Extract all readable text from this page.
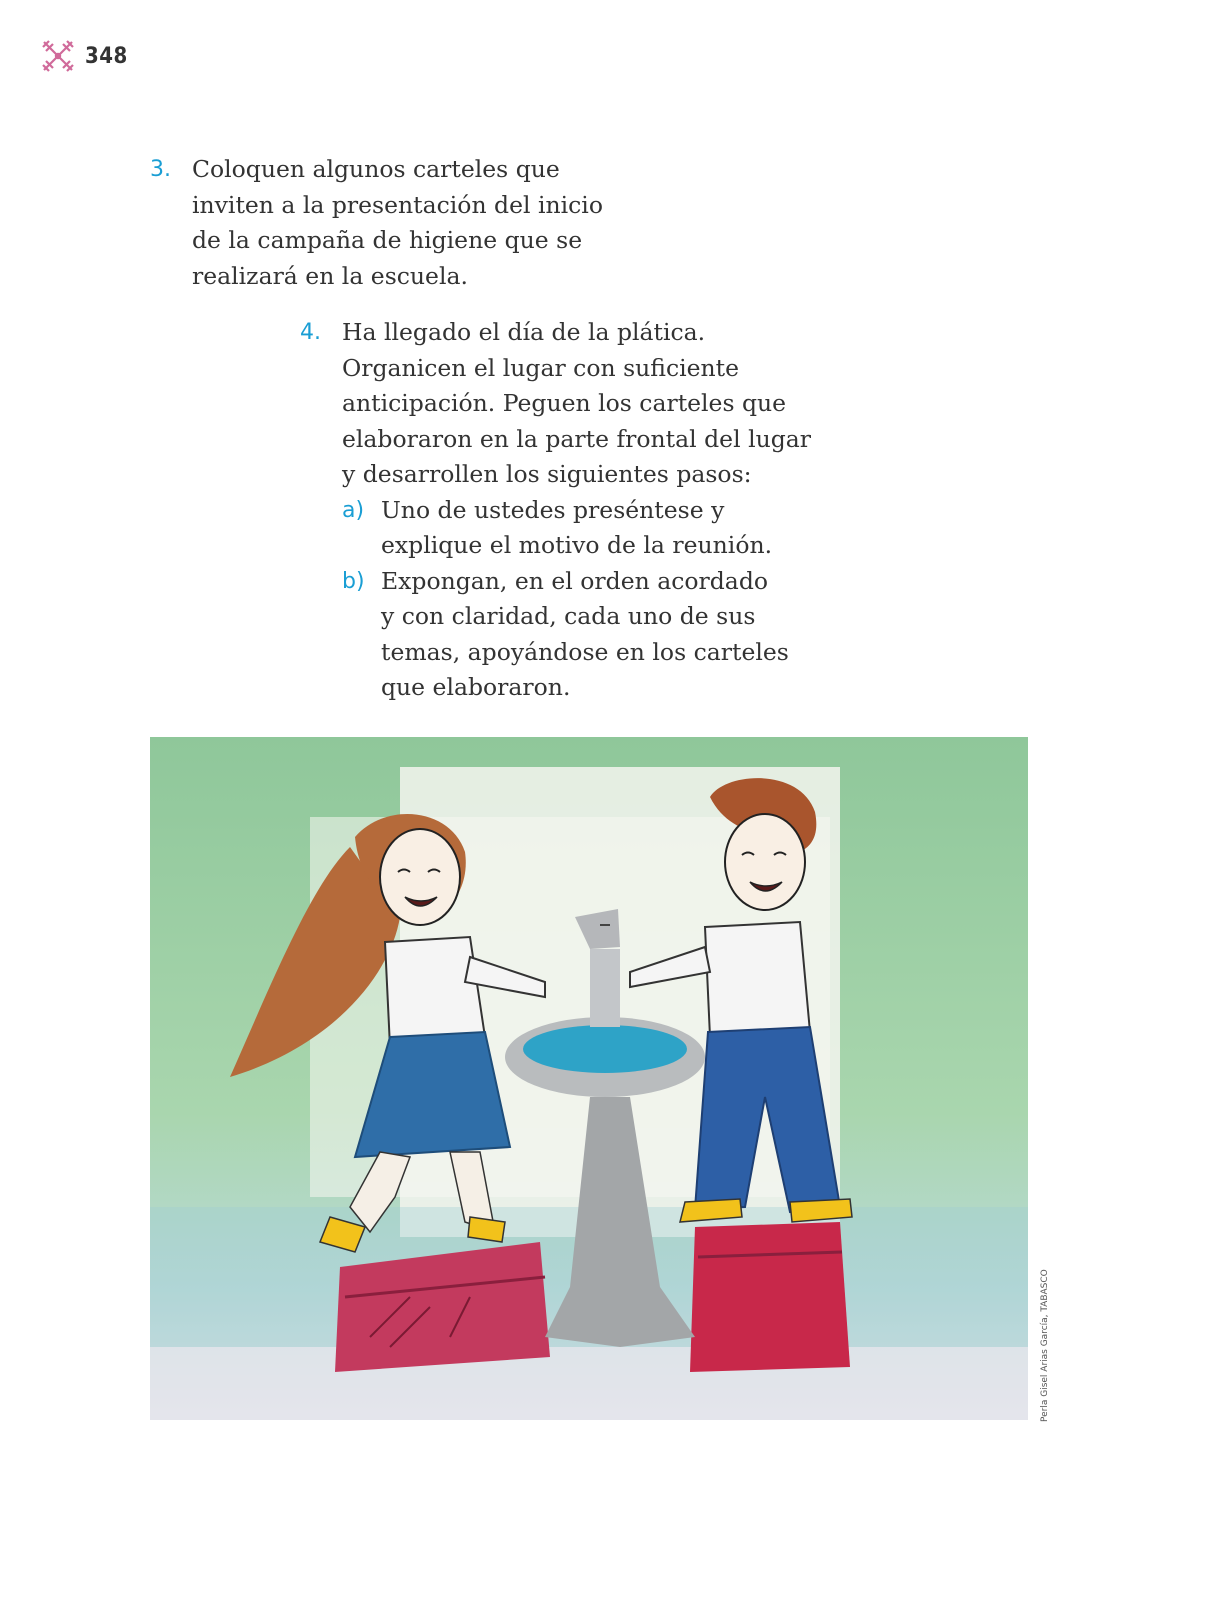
348
3. Coloquen algunos carteles que
inviten a la presentación del inicio
de la campaña de higiene que se
realizará en la escuela.
4. Ha llegado el día de la plática.
Organicen el lugar con suficiente
anticipación. Peguen los carteles que
elaboraron en la parte frontal del lugar
y desarrollen los siguientes pasos:
a) Uno de ustedes preséntese y
explique el motivo de la reunión.
b) Expongan, en el orden acordado
y con claridad, cada uno de sus
temas, apoyándose en los carteles
que elaboraron.
Perla Gisel Arias García, TABASCO
